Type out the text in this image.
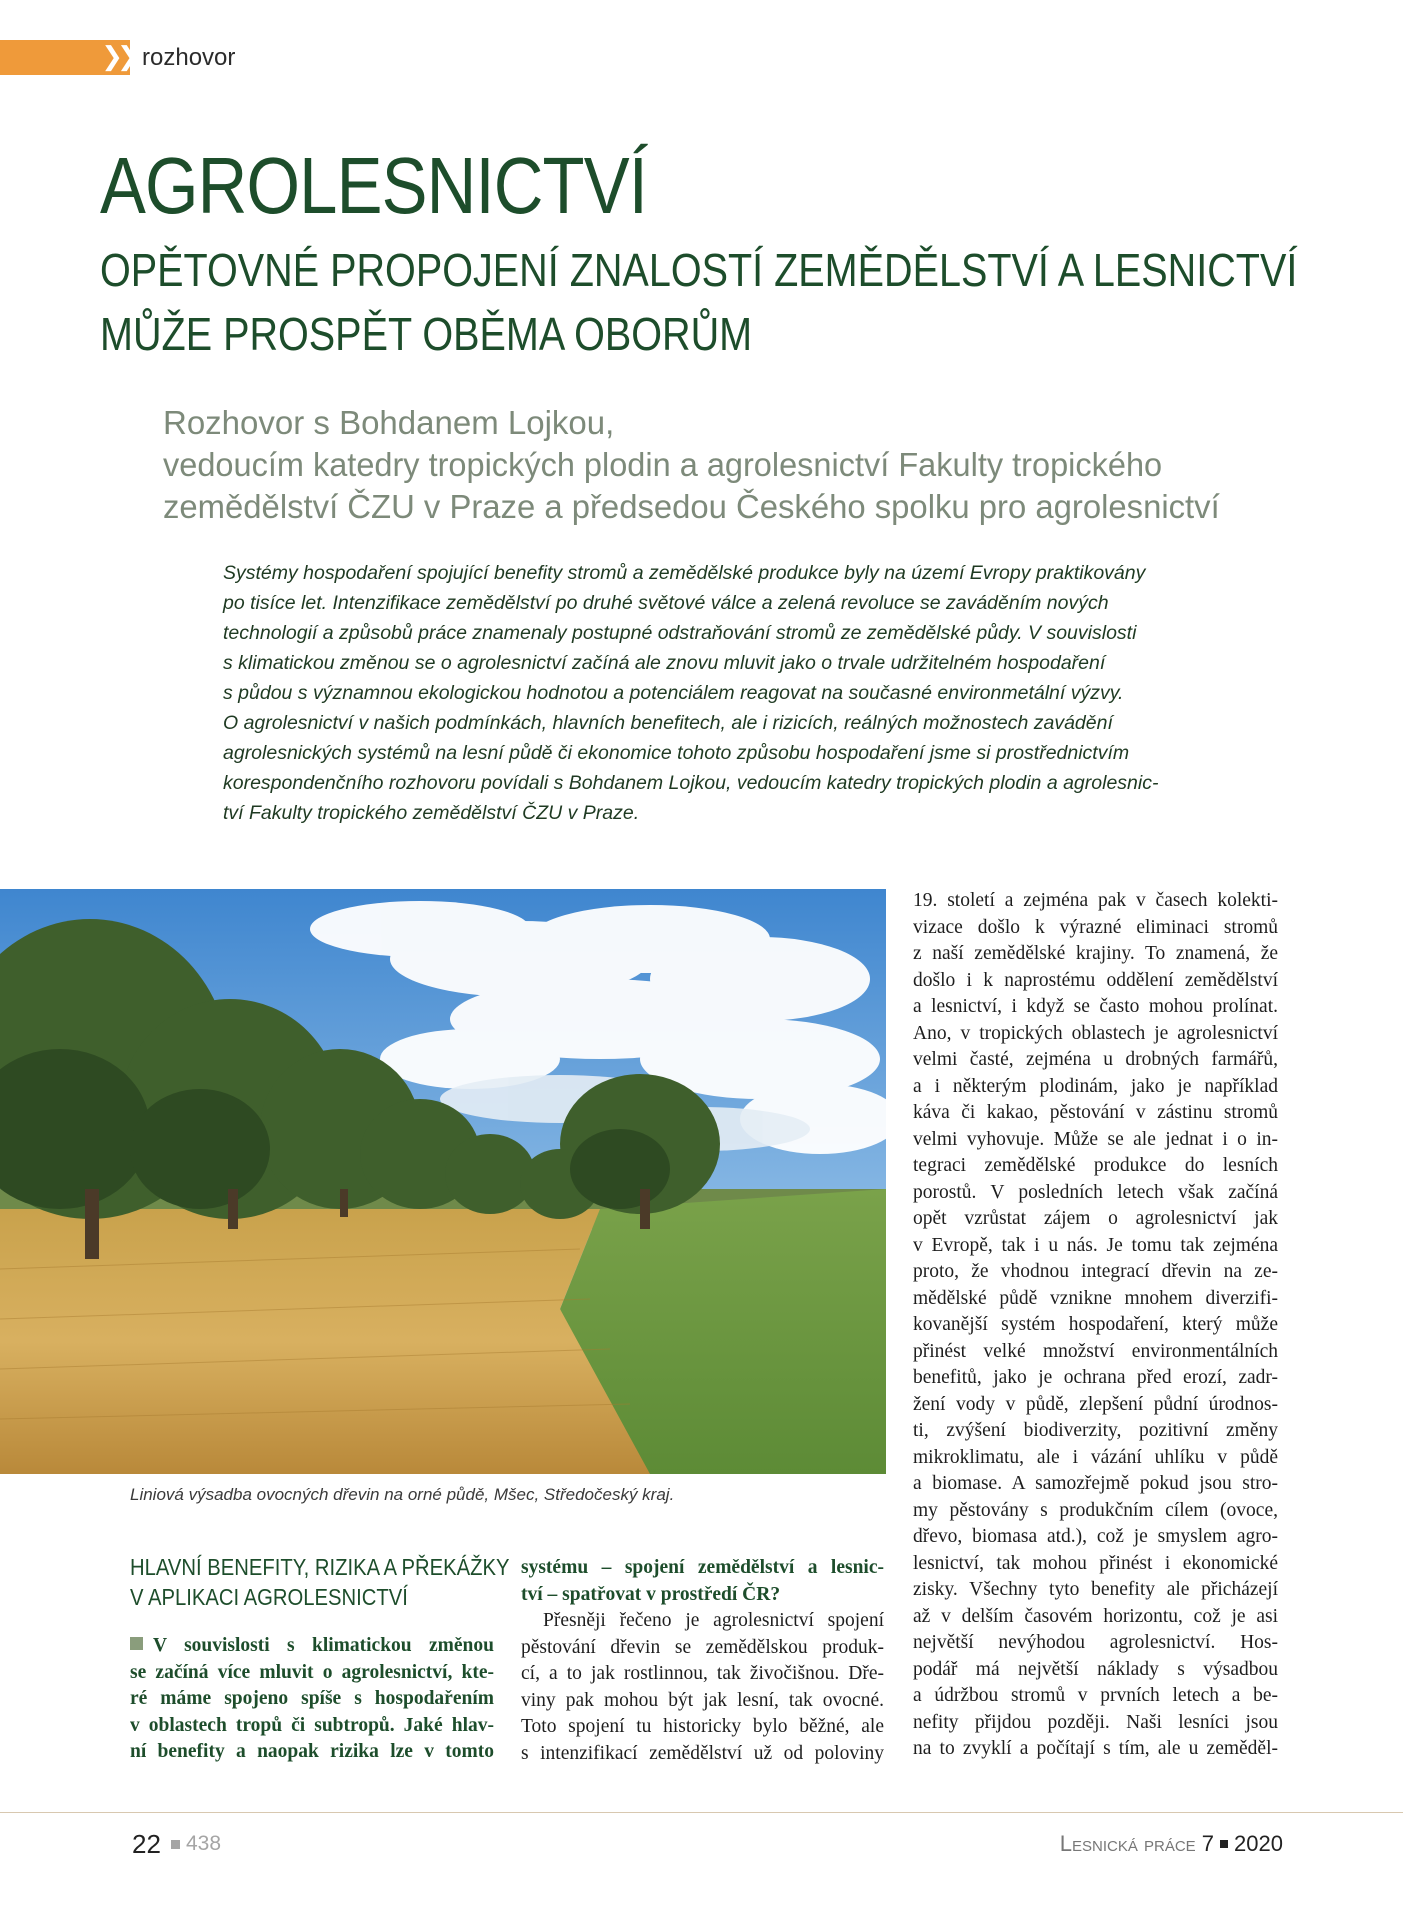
❯❯ rozhovor
AGROLESNICTVÍ
OPĚTOVNÉ PROPOJENÍ ZNALOSTÍ ZEMĚDĚLSTVÍ A LESNICTVÍ
MŮŽE PROSPĚT OBĚMA OBORŮM
Rozhovor s Bohdanem Lojkou,
vedoucím katedry tropických plodin a agrolesnictví Fakulty tropického
zemědělství ČZU v Praze a předsedou Českého spolku pro agrolesnictví
Systémy hospodaření spojující benefity stromů a zemědělské produkce byly na území Evropy praktikovány
po tisíce let. Intenzifikace zemědělství po druhé světové válce a zelená revoluce se zaváděním nových
technologií a způsobů práce znamenaly postupné odstraňování stromů ze zemědělské půdy. V souvislosti
s klimatickou změnou se o agrolesnictví začíná ale znovu mluvit jako o trvale udržitelném hospodaření
s půdou s významnou ekologickou hodnotou a potenciálem reagovat na současné environmetální výzvy.
O agrolesnictví v našich podmínkách, hlavních benefitech, ale i rizicích, reálných možnostech zavádění
agrolesnických systémů na lesní půdě či ekonomice tohoto způsobu hospodaření jsme si prostřednictvím
korespondenčního rozhovoru povídali s Bohdanem Lojkou, vedoucím katedry tropických plodin a agrolesnic-
tví Fakulty tropického zemědělství ČZU v Praze.
Liniová výsadba ovocných dřevin na orné půdě, Mšec, Středočeský kraj.
19. století a zejména pak v časech kolekti-
vizace došlo k výrazné eliminaci stromů
z naší zemědělské krajiny. To znamená, že
došlo i k naprostému oddělení zemědělství
a lesnictví, i když se často mohou prolínat.
Ano, v tropických oblastech je agrolesnictví
velmi časté, zejména u drobných farmářů,
a i některým plodinám, jako je například
káva či kakao, pěstování v zástinu stromů
velmi vyhovuje. Může se ale jednat i o in-
tegraci zemědělské produkce do lesních
porostů. V posledních letech však začíná
opět vzrůstat zájem o agrolesnictví jak
v Evropě, tak i u nás. Je tomu tak zejména
proto, že vhodnou integrací dřevin na ze-
mědělské půdě vznikne mnohem diverzifi-
kovanější systém hospodaření, který může
přinést velké množství environmentálních
benefitů, jako je ochrana před erozí, zadr-
žení vody v půdě, zlepšení půdní úrodnos-
ti, zvýšení biodiverzity, pozitivní změny
mikroklimatu, ale i vázání uhlíku v půdě
a biomase. A samozřejmě pokud jsou stro-
my pěstovány s produkčním cílem (ovoce,
dřevo, biomasa atd.), což je smyslem agro-
lesnictví, tak mohou přinést i ekonomické
zisky. Všechny tyto benefity ale přicházejí
až v delším časovém horizontu, což je asi
největší nevýhodou agrolesnictví. Hos-
podář má největší náklady s výsadbou
a údržbou stromů v prvních letech a be-
nefity přijdou později. Naši lesníci jsou
na to zvyklí a počítají s tím, ale u zeměděl-
HLAVNÍ BENEFITY, RIZIKA A PŘEKÁŽKY
V APLIKACI AGROLESNICTVÍ
V souvislosti s klimatickou změnou
se začíná více mluvit o agrolesnictví, kte-
ré máme spojeno spíše s hospodařením
v oblastech tropů či subtropů. Jaké hlav-
ní benefity a naopak rizika lze v tomto
systému – spojení zemědělství a lesnic-
tví – spatřovat v prostředí ČR?
Přesněji řečeno je agrolesnictví spojení
pěstování dřevin se zemědělskou produk-
cí, a to jak rostlinnou, tak živočišnou. Dře-
viny pak mohou být jak lesní, tak ovocné.
Toto spojení tu historicky bylo běžné, ale
s intenzifikací zemědělství už od poloviny
22 438	Lesnická práce 7 2020
